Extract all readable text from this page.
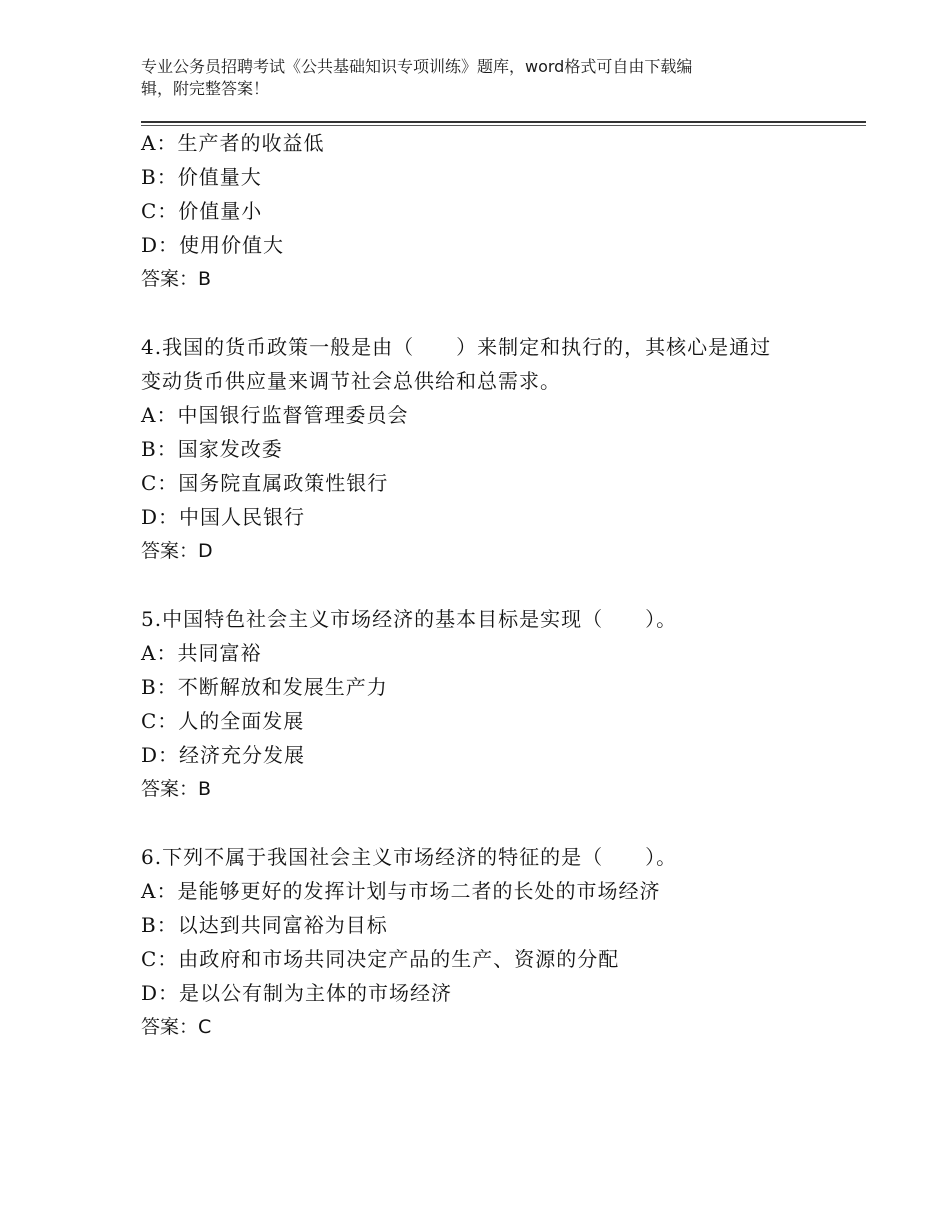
专业公务员招聘考试《公共基础知识专项训练》题库，word格式可自由下载编
辑，附完整答案！
A：生产者的收益低
B：价值量大
C：价值量小
D：使用价值大
答案：B
4.我国的货币政策一般是由（　　）来制定和执行的，其核心是通过
变动货币供应量来调节社会总供给和总需求。
A：中国银行监督管理委员会
B：国家发改委
C：国务院直属政策性银行
D：中国人民银行
答案：D
5.中国特色社会主义市场经济的基本目标是实现（　　）。
A：共同富裕
B：不断解放和发展生产力
C：人的全面发展
D：经济充分发展
答案：B
6.下列不属于我国社会主义市场经济的特征的是（　　）。
A：是能够更好的发挥计划与市场二者的长处的市场经济
B：以达到共同富裕为目标
C：由政府和市场共同决定产品的生产、资源的分配
D：是以公有制为主体的市场经济
答案：C
